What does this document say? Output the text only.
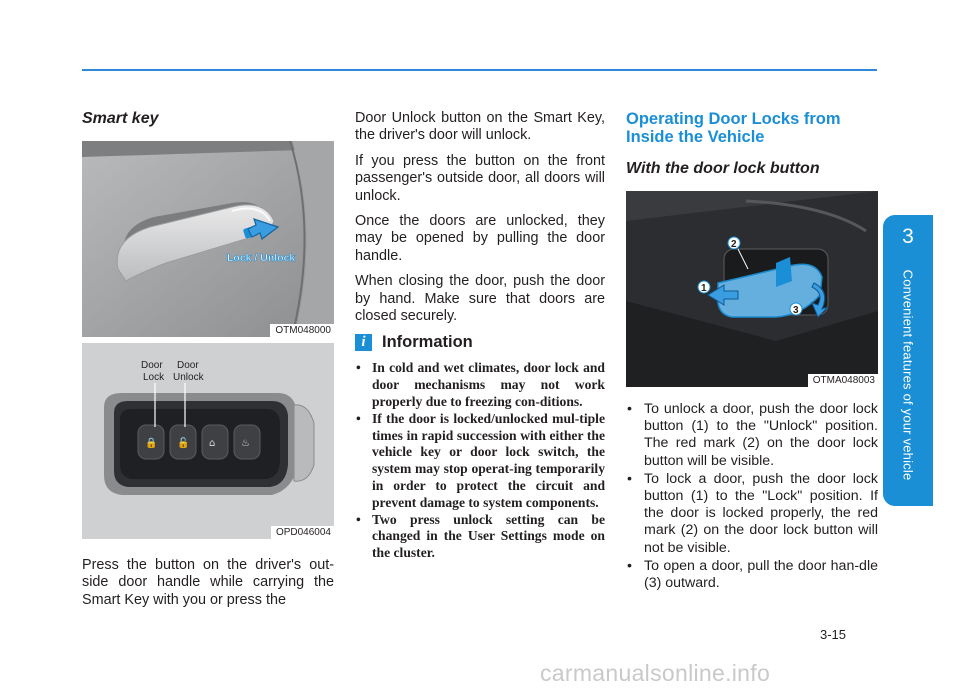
3
Convenient features of your vehicle
Smart key
Lock / Unlock
OTM048000
🔒 🔓 ⌂	♨
Door
Lock
Door
Unlock
OPD046004

Press the button on the driver's out-side door handle while carrying the Smart Key with you or press the

Door Unlock button on the Smart Key, the driver's door will unlock.

If you press the button on the front passenger's outside door, all doors will unlock.

Once the doors are unlocked, they may be opened by pulling the door handle.

When closing the door, push the door by hand. Make sure that doors are closed securely.

i Information
• In cold and wet climates, door lock and door mechanisms may not work properly due to freezing con-ditions.
• If the door is locked/unlocked mul-tiple times in rapid succession with either the vehicle key or door lock switch, the system may stop operat-ing temporarily in order to protect the circuit and prevent damage to system components.
• Two press unlock setting can be changed in the User Settings mode on the cluster.
Operating Door Locks from Inside the Vehicle
With the door lock button
2
1
3
OTMA048003
• To unlock a door, push the door lock button (1) to the "Unlock" position. The red mark (2) on the door lock button will be visible.
• To lock a door, push the door lock button (1) to the "Lock" position. If the door is locked properly, the red mark (2) on the door lock button will not be visible.
• To open a door, pull the door han-dle (3) outward.
3-15
carmanualsonline.info
